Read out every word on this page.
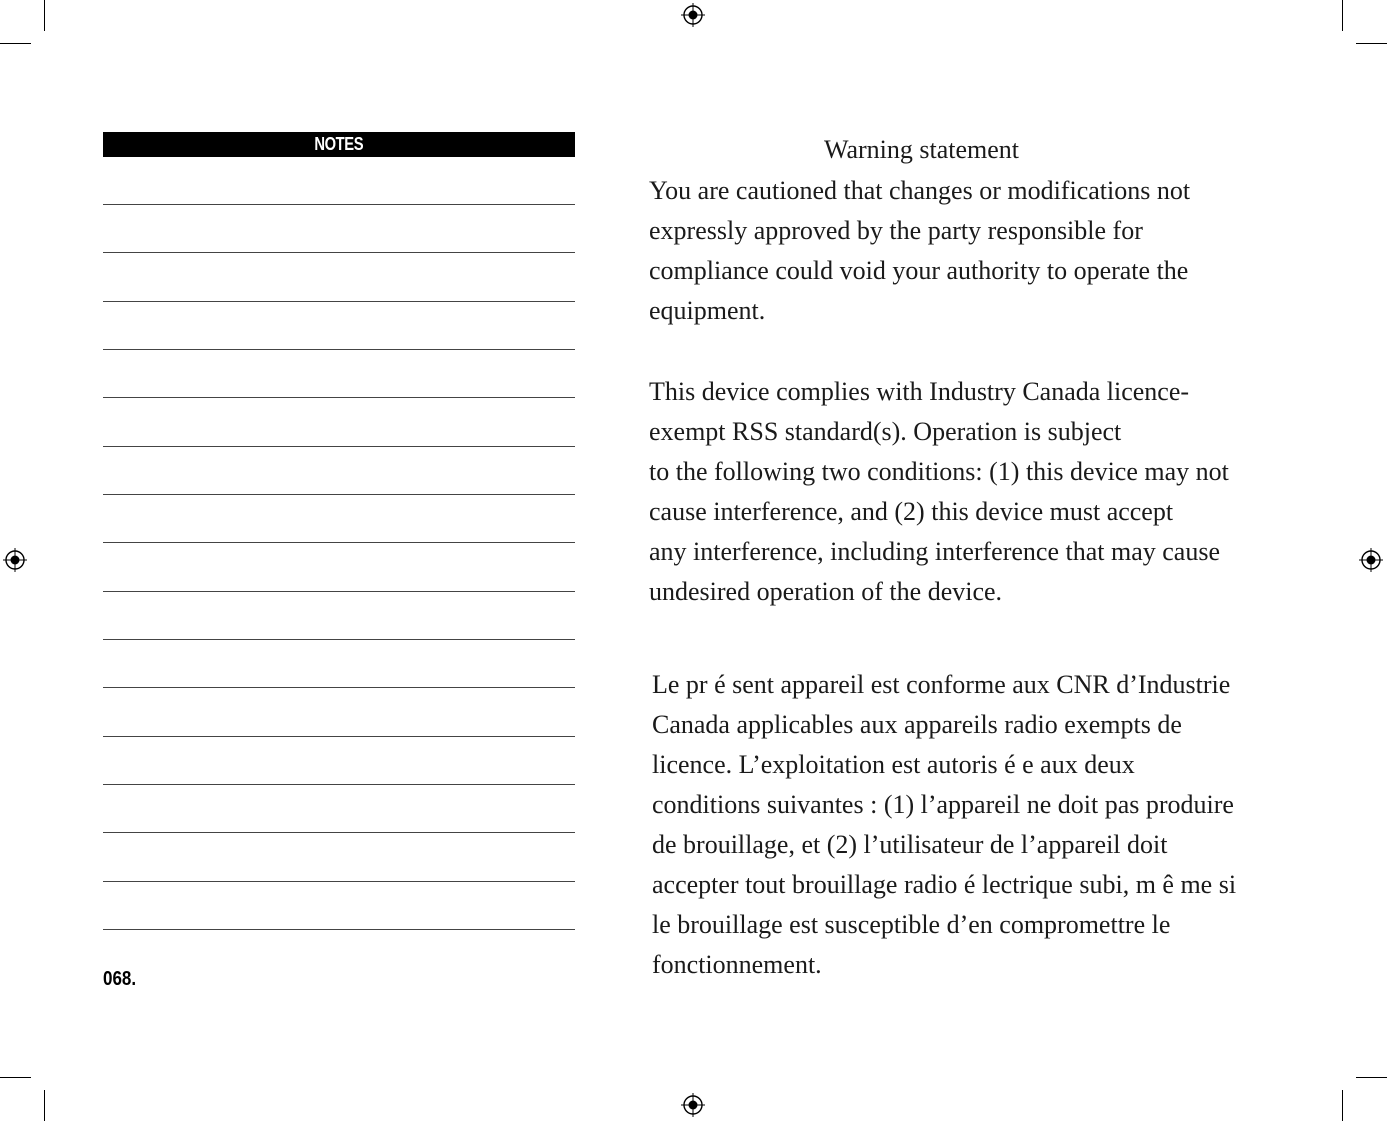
NOTES
068.
Warning statement
You are cautioned that changes or modifications not
expressly approved by the party responsible for
compliance could void your authority to operate the
equipment.
This device complies with Industry Canada licence-
exempt RSS standard(s). Operation is subject
to the following two conditions: (1) this device may not
cause interference, and (2) this device must accept
any interference, including interference that may cause
undesired operation of the device.
Le pr é sent appareil est conforme aux CNR d’Industrie
Canada applicables aux appareils radio exempts de
licence. L’exploitation est autoris é e aux deux
conditions suivantes : (1) l’appareil ne doit pas produire
de brouillage, et (2) l’utilisateur de l’appareil doit
accepter tout brouillage radio é lectrique subi, m ê me si
le brouillage est susceptible d’en compromettre le
fonctionnement.
